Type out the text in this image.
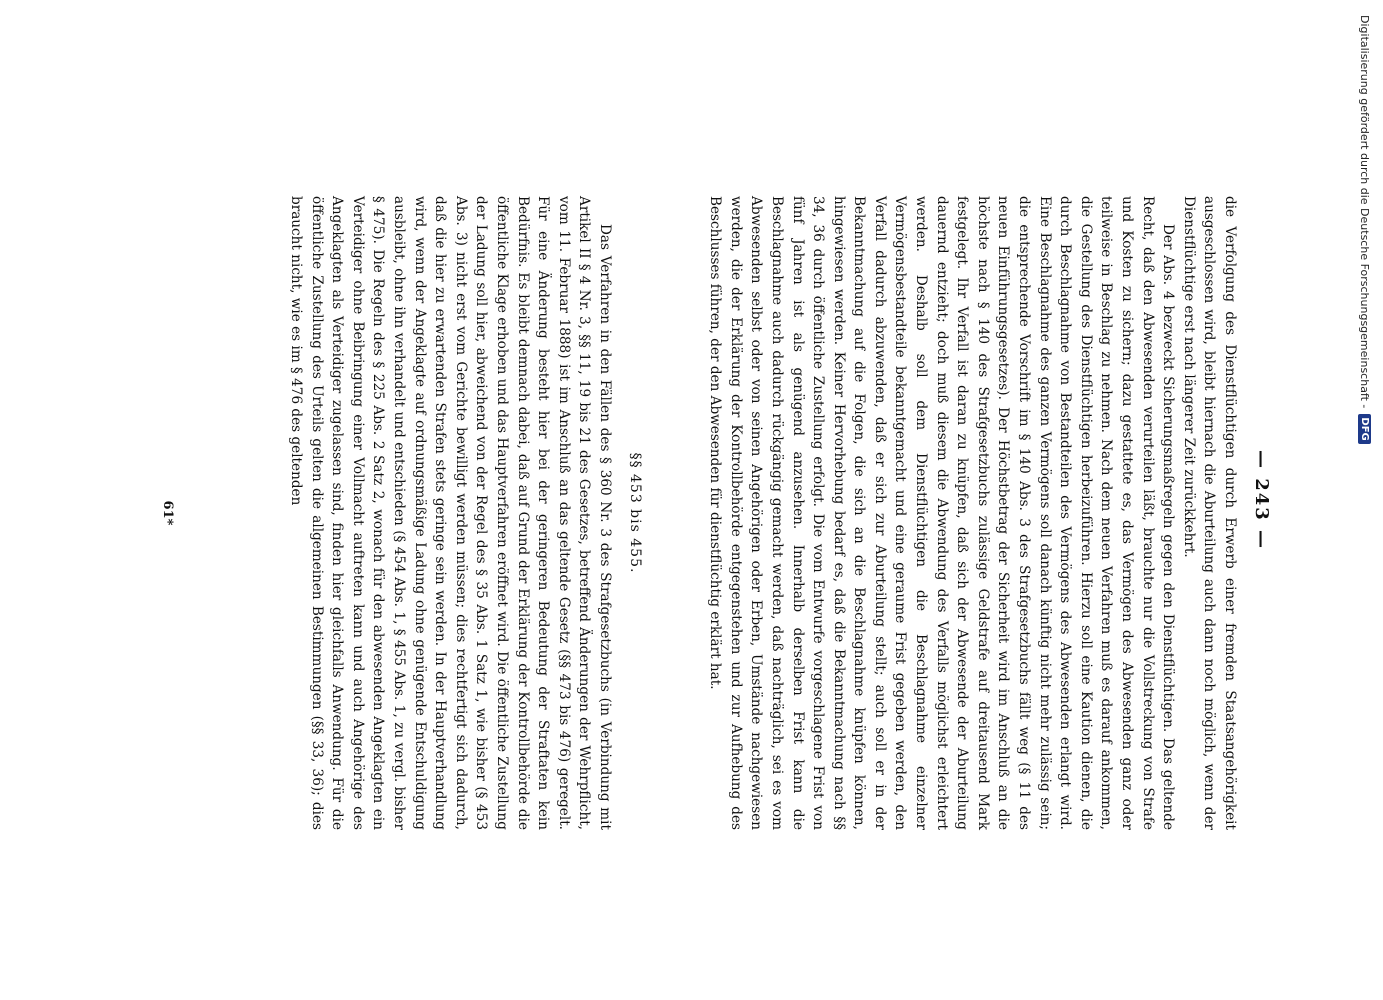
Digitalisierung gefördert durch die Deutsche Forschungsgemeinschaft -
DFG
— 243 —

die Verfolgung des Dienstflüchtigen durch Erwerb einer fremden Staatsangehörigkeit ausgeschlossen wird, bleibt hiernach die Aburteilung auch dann noch möglich, wenn der Dienstflüchtige erst nach längerer Zeit zurückkehrt.

Der Abs. 4 bezweckt Sicherungsmaßregeln gegen den Dienstflüchtigen. Das geltende Recht, daß den Abwesenden verurteilen läßt, brauchte nur die Vollstreckung von Strafe und Kosten zu sichern; dazu gestattete es, das Vermögen des Abwesenden ganz oder teilweise in Beschlag zu nehmen. Nach dem neuen Verfahren muß es darauf ankommen, die Gestellung des Dienstflüchtigen herbeizuführen. Hierzu soll eine Kaution dienen, die durch Beschlagnahme von Bestandteilen des Vermögens des Abwesenden erlangt wird. Eine Beschlagnahme des ganzen Vermögens soll danach künftig nicht mehr zulässig sein; die entsprechende Vorschrift im § 140 Abs. 3 des Strafgesetzbuchs fällt weg (§ 11 des neuen Einführungsgesetzes). Der Höchstbetrag der Sicherheit wird im Anschluß an die höchste nach § 140 des Strafgesetzbuchs zulässige Geldstrafe auf dreitausend Mark festgelegt. Ihr Verfall ist daran zu knüpfen, daß sich der Abwesende der Aburteilung dauernd entzieht; doch muß diesem die Abwendung des Verfalls möglichst erleichtert werden. Deshalb soll dem Dienstflüchtigen die Beschlagnahme einzelner Vermögensbestandteile bekanntgemacht und eine geraume Frist gegeben werden, den Verfall dadurch abzuwenden, daß er sich zur Aburteilung stellt; auch soll er in der Bekanntmachung auf die Folgen, die sich an die Beschlagnahme knüpfen können, hingewiesen werden. Keiner Hervorhebung bedarf es, daß die Bekanntmachung nach §§ 34, 36 durch öffentliche Zustellung erfolgt. Die vom Entwurfe vorgeschlagene Frist von fünf Jahren ist als genügend anzusehen. Innerhalb derselben Frist kann die Beschlagnahme auch dadurch rückgängig gemacht werden, daß nachträglich, sei es vom Abwesenden selbst oder von seinen Angehörigen oder Erben, Umstände nachgewiesen werden, die der Erklärung der Kontrollbehörde entgegenstehen und zur Aufhebung des Beschlusses führen, der den Abwesenden für dienstflüchtig erklärt hat.

§§ 453 bis 455.

Das Verfahren in den Fällen des § 360 Nr. 3 des Strafgesetzbuchs (in Verbindung mit Artikel II § 4 Nr. 3, §§ 11, 19 bis 21 des Gesetzes, betreffend Änderungen der Wehrpflicht, vom 11. Februar 1888) ist im Anschluß an das geltende Gesetz (§§ 473 bis 476) geregelt. Für eine Änderung besteht hier bei der geringeren Bedeutung der Straftaten kein Bedürfnis. Es bleibt demnach dabei, daß auf Grund der Erklärung der Kontrollbehörde die öffentliche Klage erhoben und das Hauptverfahren eröffnet wird. Die öffentliche Zustellung der Ladung soll hier, abweichend von der Regel des § 35 Abs. 1 Satz 1, wie bisher (§ 453 Abs. 3) nicht erst vom Gerichte bewilligt werden müssen; dies rechtfertigt sich dadurch, daß die hier zu erwartenden Strafen stets geringe sein werden. In der Hauptverhandlung wird, wenn der Angeklagte auf ordnungsmäßige Ladung ohne genügende Entschuldigung ausbleibt, ohne ihn verhandelt und entschieden (§ 454 Abs. 1, § 455 Abs. 1, zu vergl. bisher § 475). Die Regeln des § 225 Abs. 2 Satz 2, wonach für den abwesenden Angeklagten ein Verteidiger ohne Beibringung einer Vollmacht auftreten kann und auch Angehörige des Angeklagten als Verteidiger zugelassen sind, finden hier gleichfalls Anwendung. Für die öffentliche Zustellung des Urteils gelten die allgemeinen Bestimmungen (§§ 33, 36); dies braucht nicht, wie es im § 476 des geltenden

61*
